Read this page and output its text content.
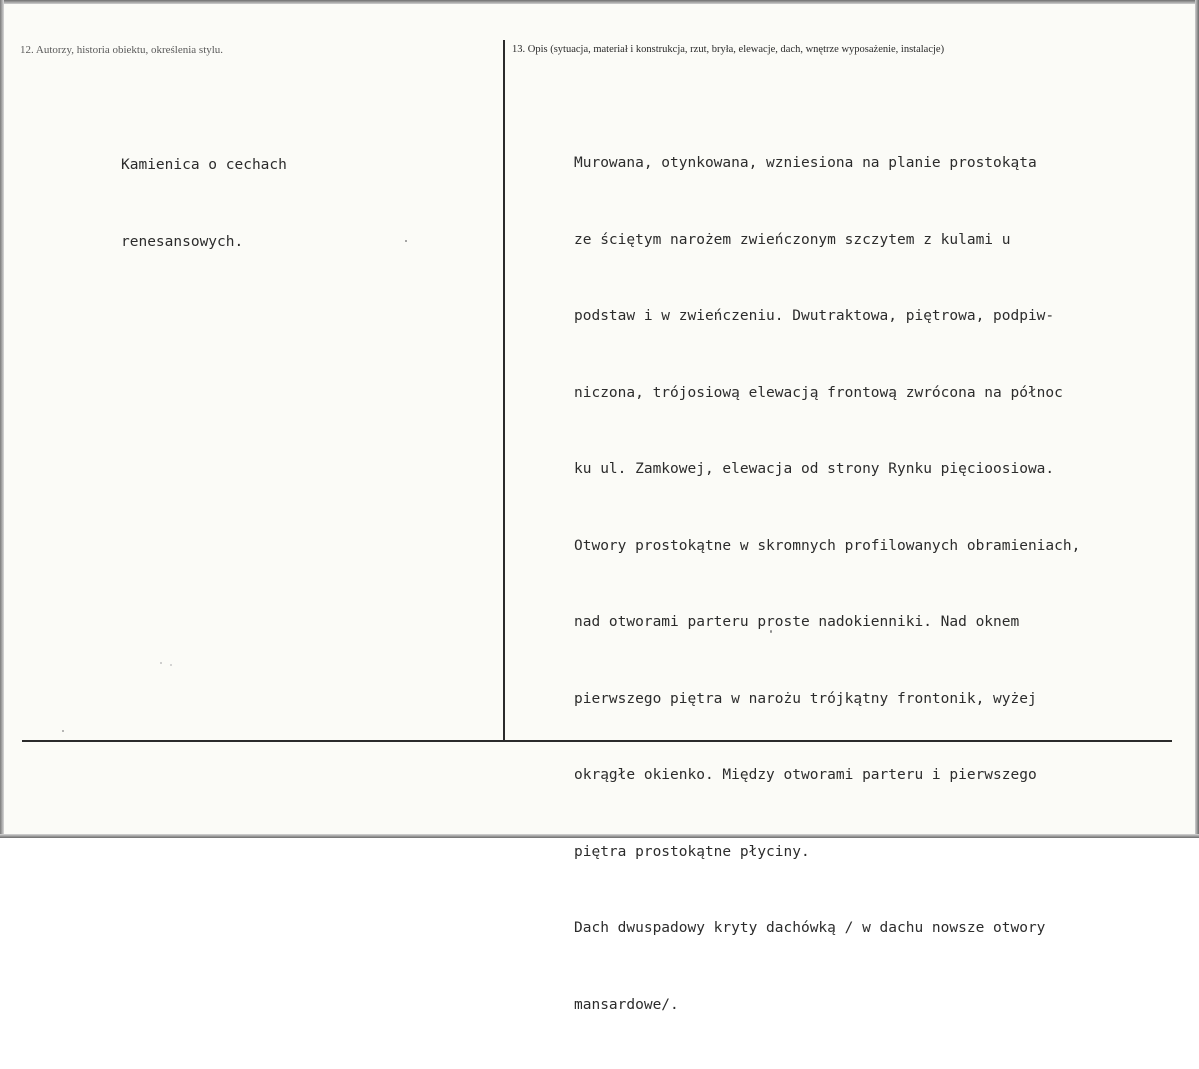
12. Autorzy, historia obiektu, określenia stylu.	13. Opis (sytuacja, materiał i konstrukcja, rzut, bryła, elewacje, dach, wnętrze wyposażenie, instalacje)

Kamienica o cechach

renesansowych.

Murowana, otynkowana, wzniesiona na planie prostokąta

ze ściętym narożem zwieńczonym szczytem z kulami u

podstaw i w zwieńczeniu. Dwutraktowa, piętrowa, podpiw-

niczona, trójosiową elewacją frontową zwrócona na północ

ku ul. Zamkowej, elewacja od strony Rynku pięcioosiowa.

Otwory prostokątne w skromnych profilowanych obramieniach,

nad otworami parteru proste nadokienniki. Nad oknem

pierwszego piętra w narożu trójkątny frontonik, wyżej

okrągłe okienko. Między otworami parteru i pierwszego

piętra prostokątne płyciny.

Dach dwuspadowy kryty dachówką / w dachu nowsze otwory

mansardowe/.
